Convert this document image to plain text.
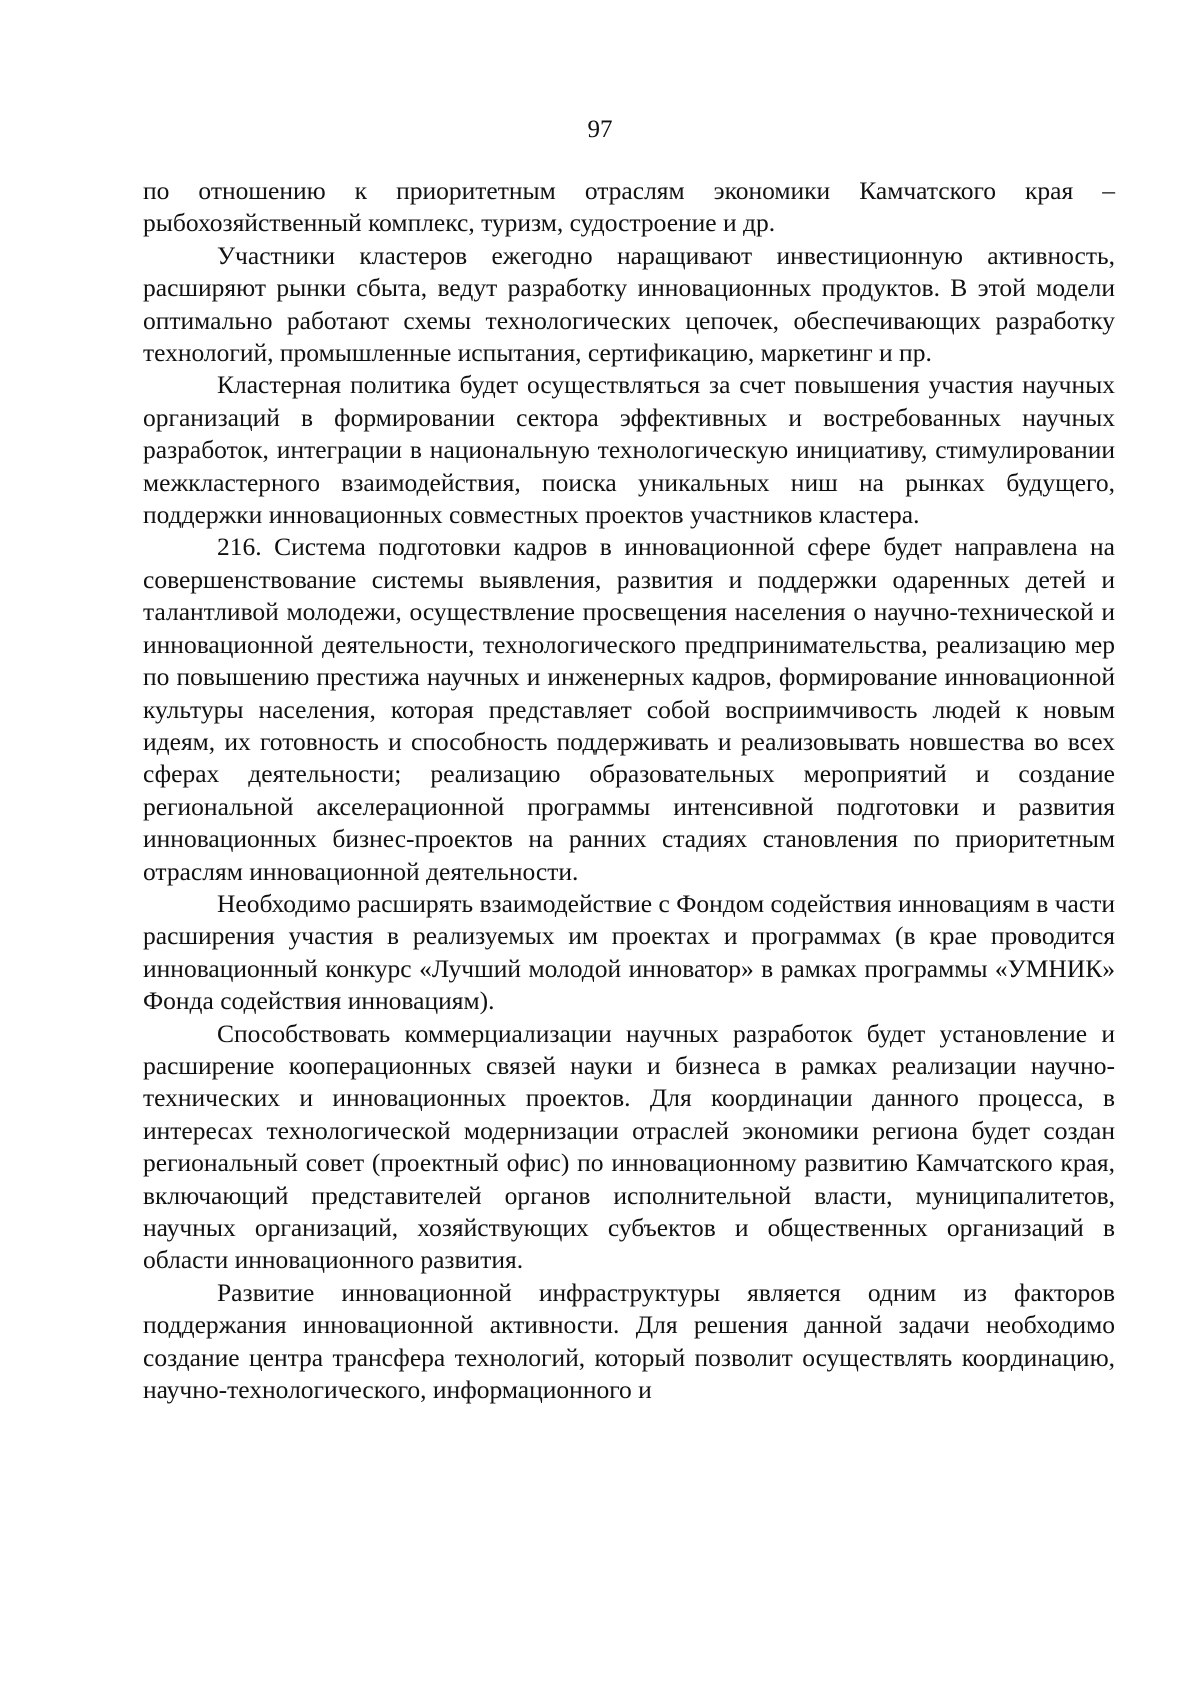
97

по отношению к приоритетным отраслям экономики Камчатского края – рыбохозяйственный комплекс, туризм, судостроение и др.

Участники кластеров ежегодно наращивают инвестиционную активность, расширяют рынки сбыта, ведут разработку инновационных продуктов. В этой модели оптимально работают схемы технологических цепочек, обеспечивающих разработку технологий, промышленные испытания, сертификацию, маркетинг и пр.

Кластерная политика будет осуществляться за счет повышения участия научных организаций в формировании сектора эффективных и востребованных научных разработок, интеграции в национальную технологическую инициативу, стимулировании межкластерного взаимодействия, поиска уникальных ниш на рынках будущего, поддержки инновационных совместных проектов участников кластера.

216. Система подготовки кадров в инновационной сфере будет направлена на совершенствование системы выявления, развития и поддержки одаренных детей и талантливой молодежи, осуществление просвещения населения о научно-технической и инновационной деятельности, технологического предпринимательства, реализацию мер по повышению престижа научных и инженерных кадров, формирование инновационной культуры населения, которая представляет собой восприимчивость людей к новым идеям, их готовность и способность поддерживать и реализовывать новшества во всех сферах деятельности; реализацию образовательных мероприятий и создание региональной акселерационной программы интенсивной подготовки и развития инновационных бизнес-проектов на ранних стадиях становления по приоритетным отраслям инновационной деятельности.

Необходимо расширять взаимодействие с Фондом содействия инновациям в части расширения участия в реализуемых им проектах и программах (в крае проводится инновационный конкурс «Лучший молодой инноватор» в рамках программы «УМНИК» Фонда содействия инновациям).

Способствовать коммерциализации научных разработок будет установление и расширение кооперационных связей науки и бизнеса в рамках реализации научно-технических и инновационных проектов. Для координации данного процесса, в интересах технологической модернизации отраслей экономики региона будет создан региональный совет (проектный офис) по инновационному развитию Камчатского края, включающий представителей органов исполнительной власти, муниципалитетов, научных организаций, хозяйствующих субъектов и общественных организаций в области инновационного развития.

Развитие инновационной инфраструктуры является одним из факторов поддержания инновационной активности. Для решения данной задачи необходимо создание центра трансфера технологий, который позволит осуществлять координацию, научно-технологического, информационного и
